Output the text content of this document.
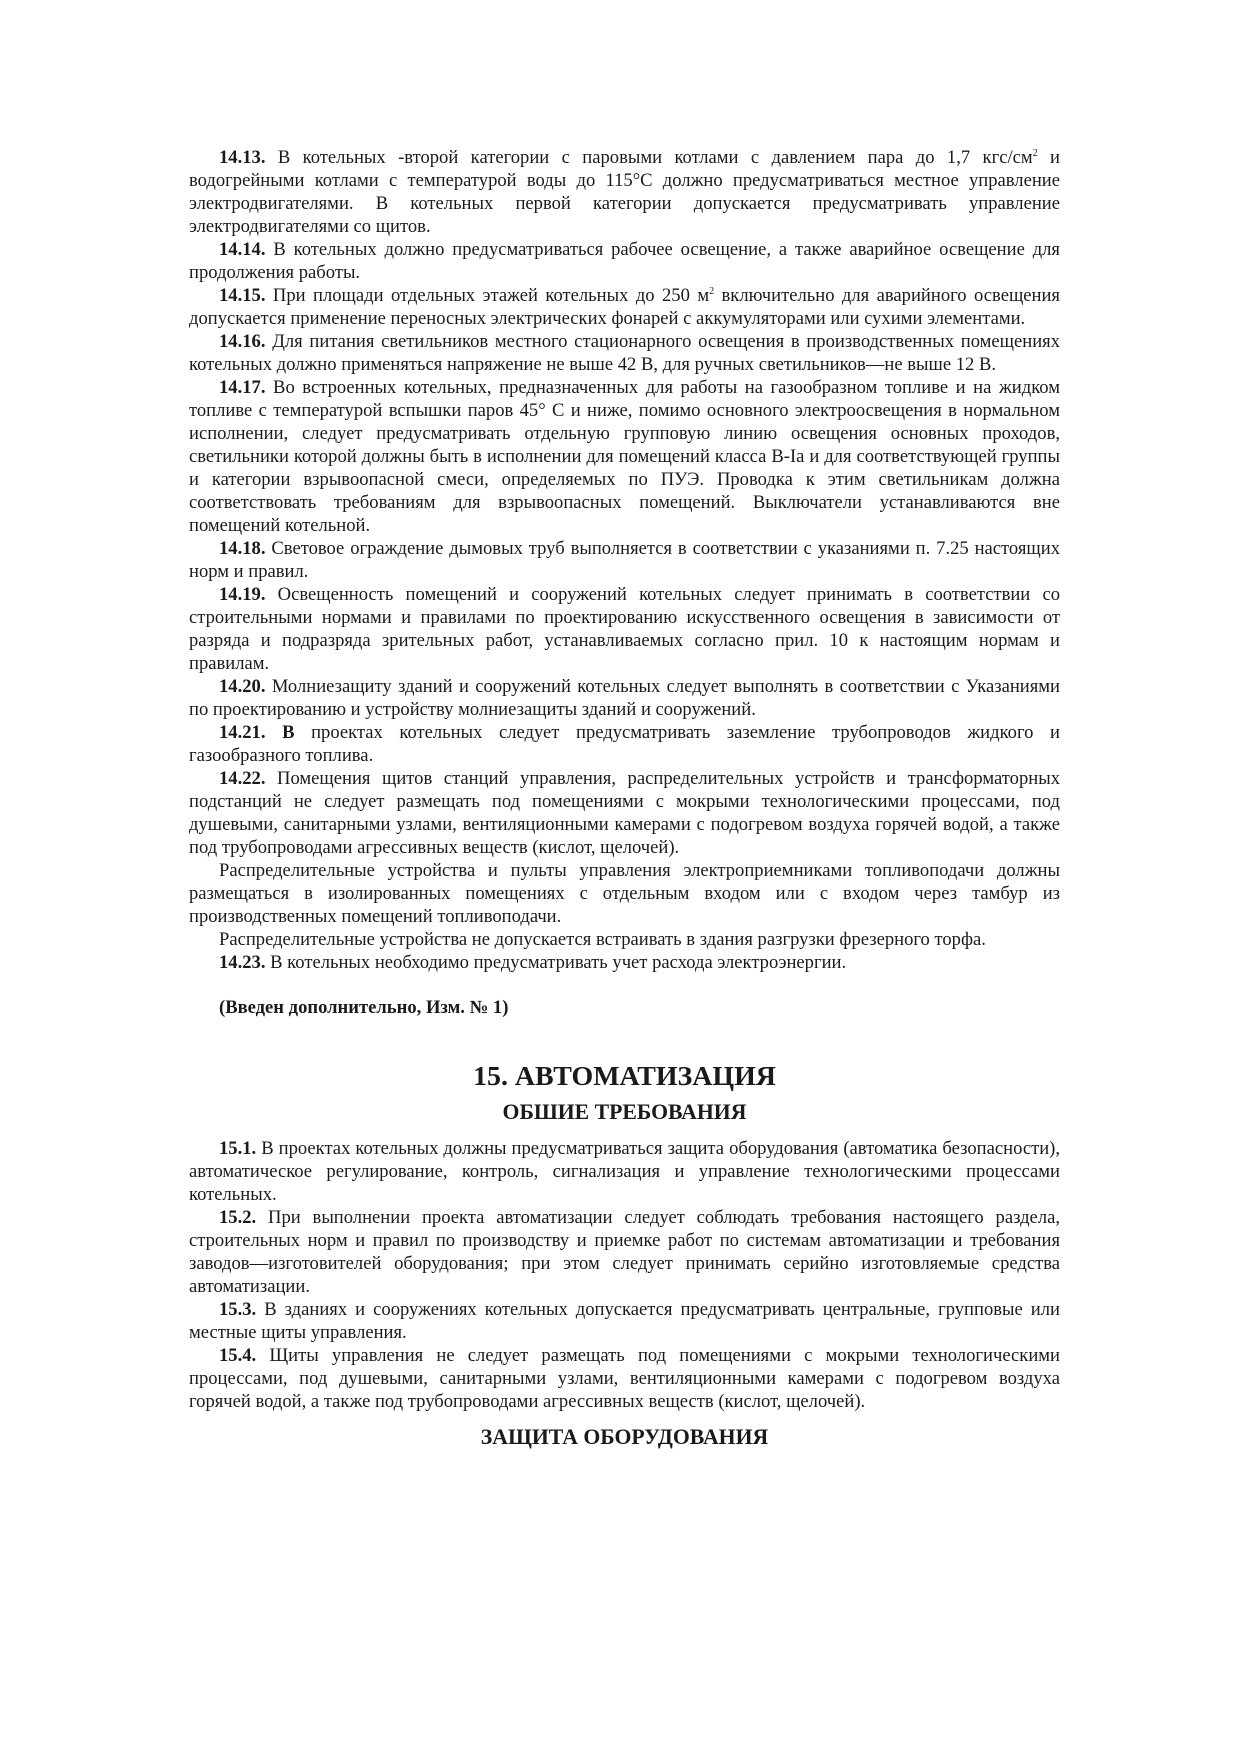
14.13. В котельных -второй категории с паровыми котлами с давлением пара до 1,7 кгс/$см^2$ и водогрейными котлами с температурой воды до 115°С должно предусматриваться местное управление электродвигателями. В котельных первой категории допускается предусматривать управление электродвигателями со щитов.

14.14. В котельных должно предусматриваться рабочее освещение, а также аварийное освещение для продолжения работы.

14.15. При площади отдельных этажей котельных до 250 $м^2$ включительно для аварийного освещения допускается применение переносных электрических фонарей с аккумуляторами или сухими элементами.

14.16. Для питания светильников местного стационарного освещения в производственных помещениях котельных должно применяться напряжение не выше 42 В, для ручных светильников—не выше 12 В.

14.17. Во встроенных котельных, предназначенных для работы на газообразном топливе и на жидком топливе с температурой вспышки паров 45° С и ниже, помимо основного электроосвещения в нормальном исполнении, следует предусматривать отдельную групповую линию освещения основных проходов, светильники которой должны быть в исполнении для помещений класса В-Iа и для соответствующей группы и категории взрывоопасной смеси, определяемых по ПУЭ. Проводка к этим светильникам должна соответствовать требованиям для взрывоопасных помещений. Выключатели устанавливаются вне помещений котельной.

14.18. Световое ограждение дымовых труб выполняется в соответствии с указаниями п. 7.25 настоящих норм и правил.

14.19. Освещенность помещений и сооружений котельных следует принимать в соответствии со строительными нормами и правилами по проектированию искусственного освещения в зависимости от разряда и подразряда зрительных работ, устанавливаемых согласно прил. 10 к настоящим нормам и правилам.

14.20. Молниезащиту зданий и сооружений котельных следует выполнять в соответствии с Указаниями по проектированию и устройству молниезащиты зданий и сооружений.

14.21. В проектах котельных следует предусматривать заземление трубопроводов жидкого и газообразного топлива.

14.22. Помещения щитов станций управления, распределительных устройств и трансформаторных подстанций не следует размещать под помещениями с мокрыми технологическими процессами, под душевыми, санитарными узлами, вентиляционными камерами с подогревом воздуха горячей водой, а также под трубопроводами агрессивных веществ (кислот, щелочей).

Распределительные устройства и пульты управления электроприемниками топливоподачи должны размещаться в изолированных помещениях с отдельным входом или с входом через тамбур из производственных помещений топливоподачи.

Распределительные устройства не допускается встраивать в здания разгрузки фрезерного торфа.

14.23. В котельных необходимо предусматривать учет расхода электроэнергии.

(Введен дополнительно, Изм. № 1)

15. АВТОМАТИЗАЦИЯ
ОБШИЕ ТРЕБОВАНИЯ

15.1. В проектах котельных должны предусматриваться защита оборудования (автоматика безопасности), автоматическое регулирование, контроль, сигнализация и управление технологическими процессами котельных.

15.2. При выполнении проекта автоматизации следует соблюдать требования настоящего раздела, строительных норм и правил по производству и приемке работ по системам автоматизации и требования заводов—изготовителей оборудования; при этом следует принимать серийно изготовляемые средства автоматизации.

15.3. В зданиях и сооружениях котельных допускается предусматривать центральные, групповые или местные щиты управления.

15.4. Щиты управления не следует размещать под помещениями с мокрыми технологическими процессами, под душевыми, санитарными узлами, вентиляционными камерами с подогревом воздуха горячей водой, а также под трубопроводами агрессивных веществ (кислот, щелочей).

ЗАЩИТА ОБОРУДОВАНИЯ
